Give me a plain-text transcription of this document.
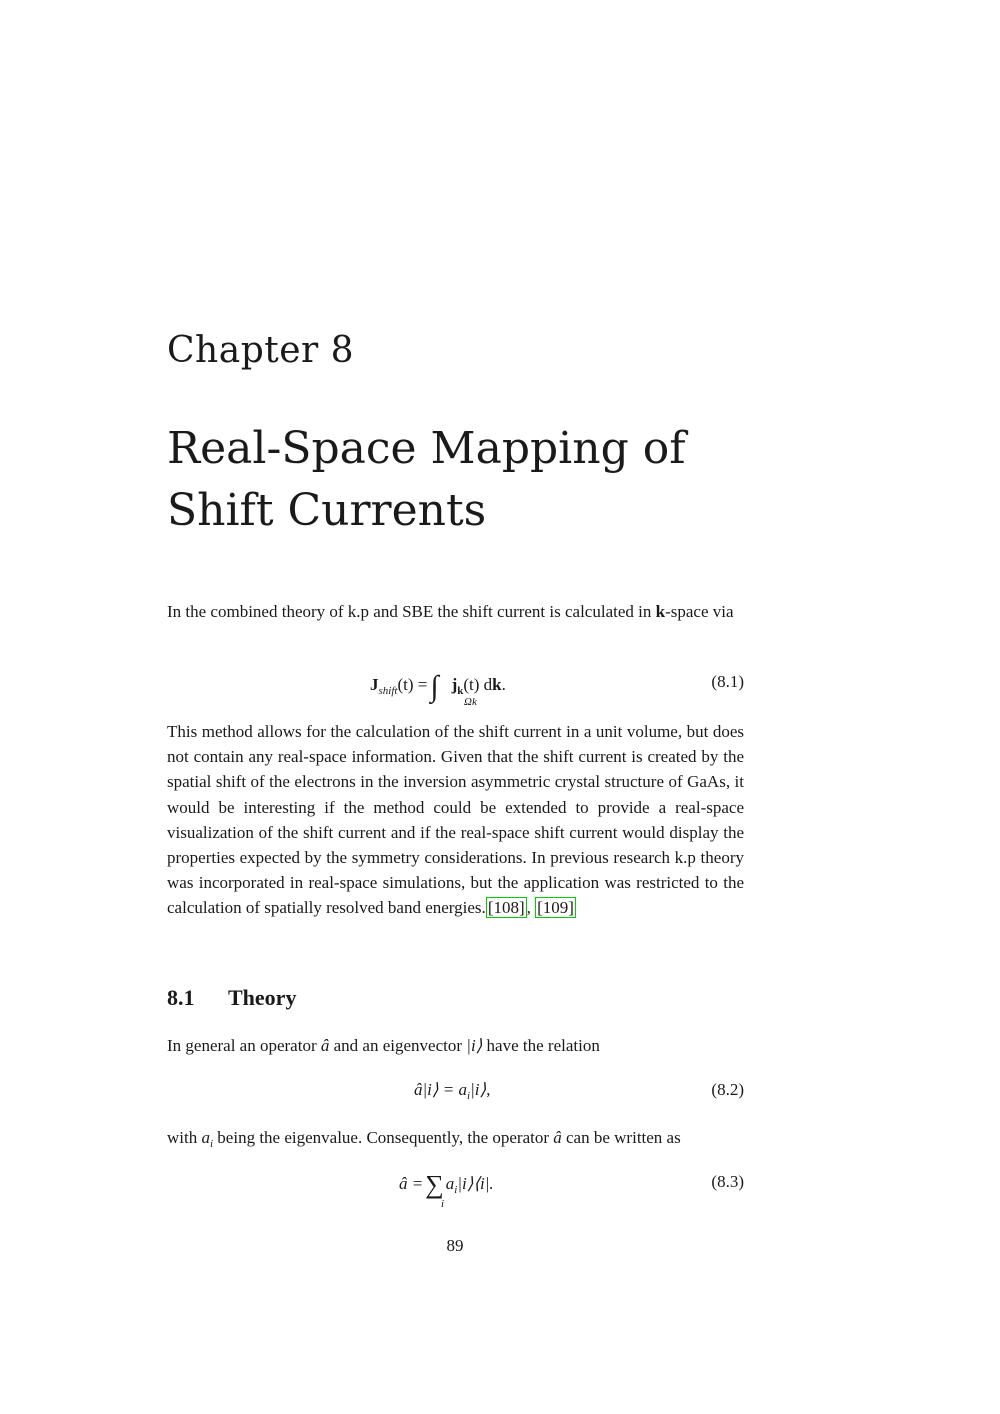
Chapter 8
Real-Space Mapping of Shift Currents
In the combined theory of k.p and SBE the shift current is calculated in k-space via
$J_{shift}(t)$ = ∫ Ωk
$j_k(t)$ dk.	(8.1)
This method allows for the calculation of the shift current in a unit volume, but does not contain any real-space information. Given that the shift current is created by the spatial shift of the electrons in the inversion asymmetric crystal structure of GaAs, it would be interesting if the method could be extended to provide a real-space visualization of the shift current and if the real-space shift current would display the properties expected by the symmetry considerations. In previous research k.p theory was incorporated in real-space simulations, but the application was restricted to the calculation of spatially resolved band energies. [108] , [109]
8.1 Theory
In general an operator â and an eigenvector |i⟩ have the relation
â|i⟩ = $a_i|i⟩$,	(8.2)
with $a_i$ being the eigenvalue. Consequently, the operator â can be written as
â =∑
i
$a_i|i⟩⟨i|$.	(8.3)
89
